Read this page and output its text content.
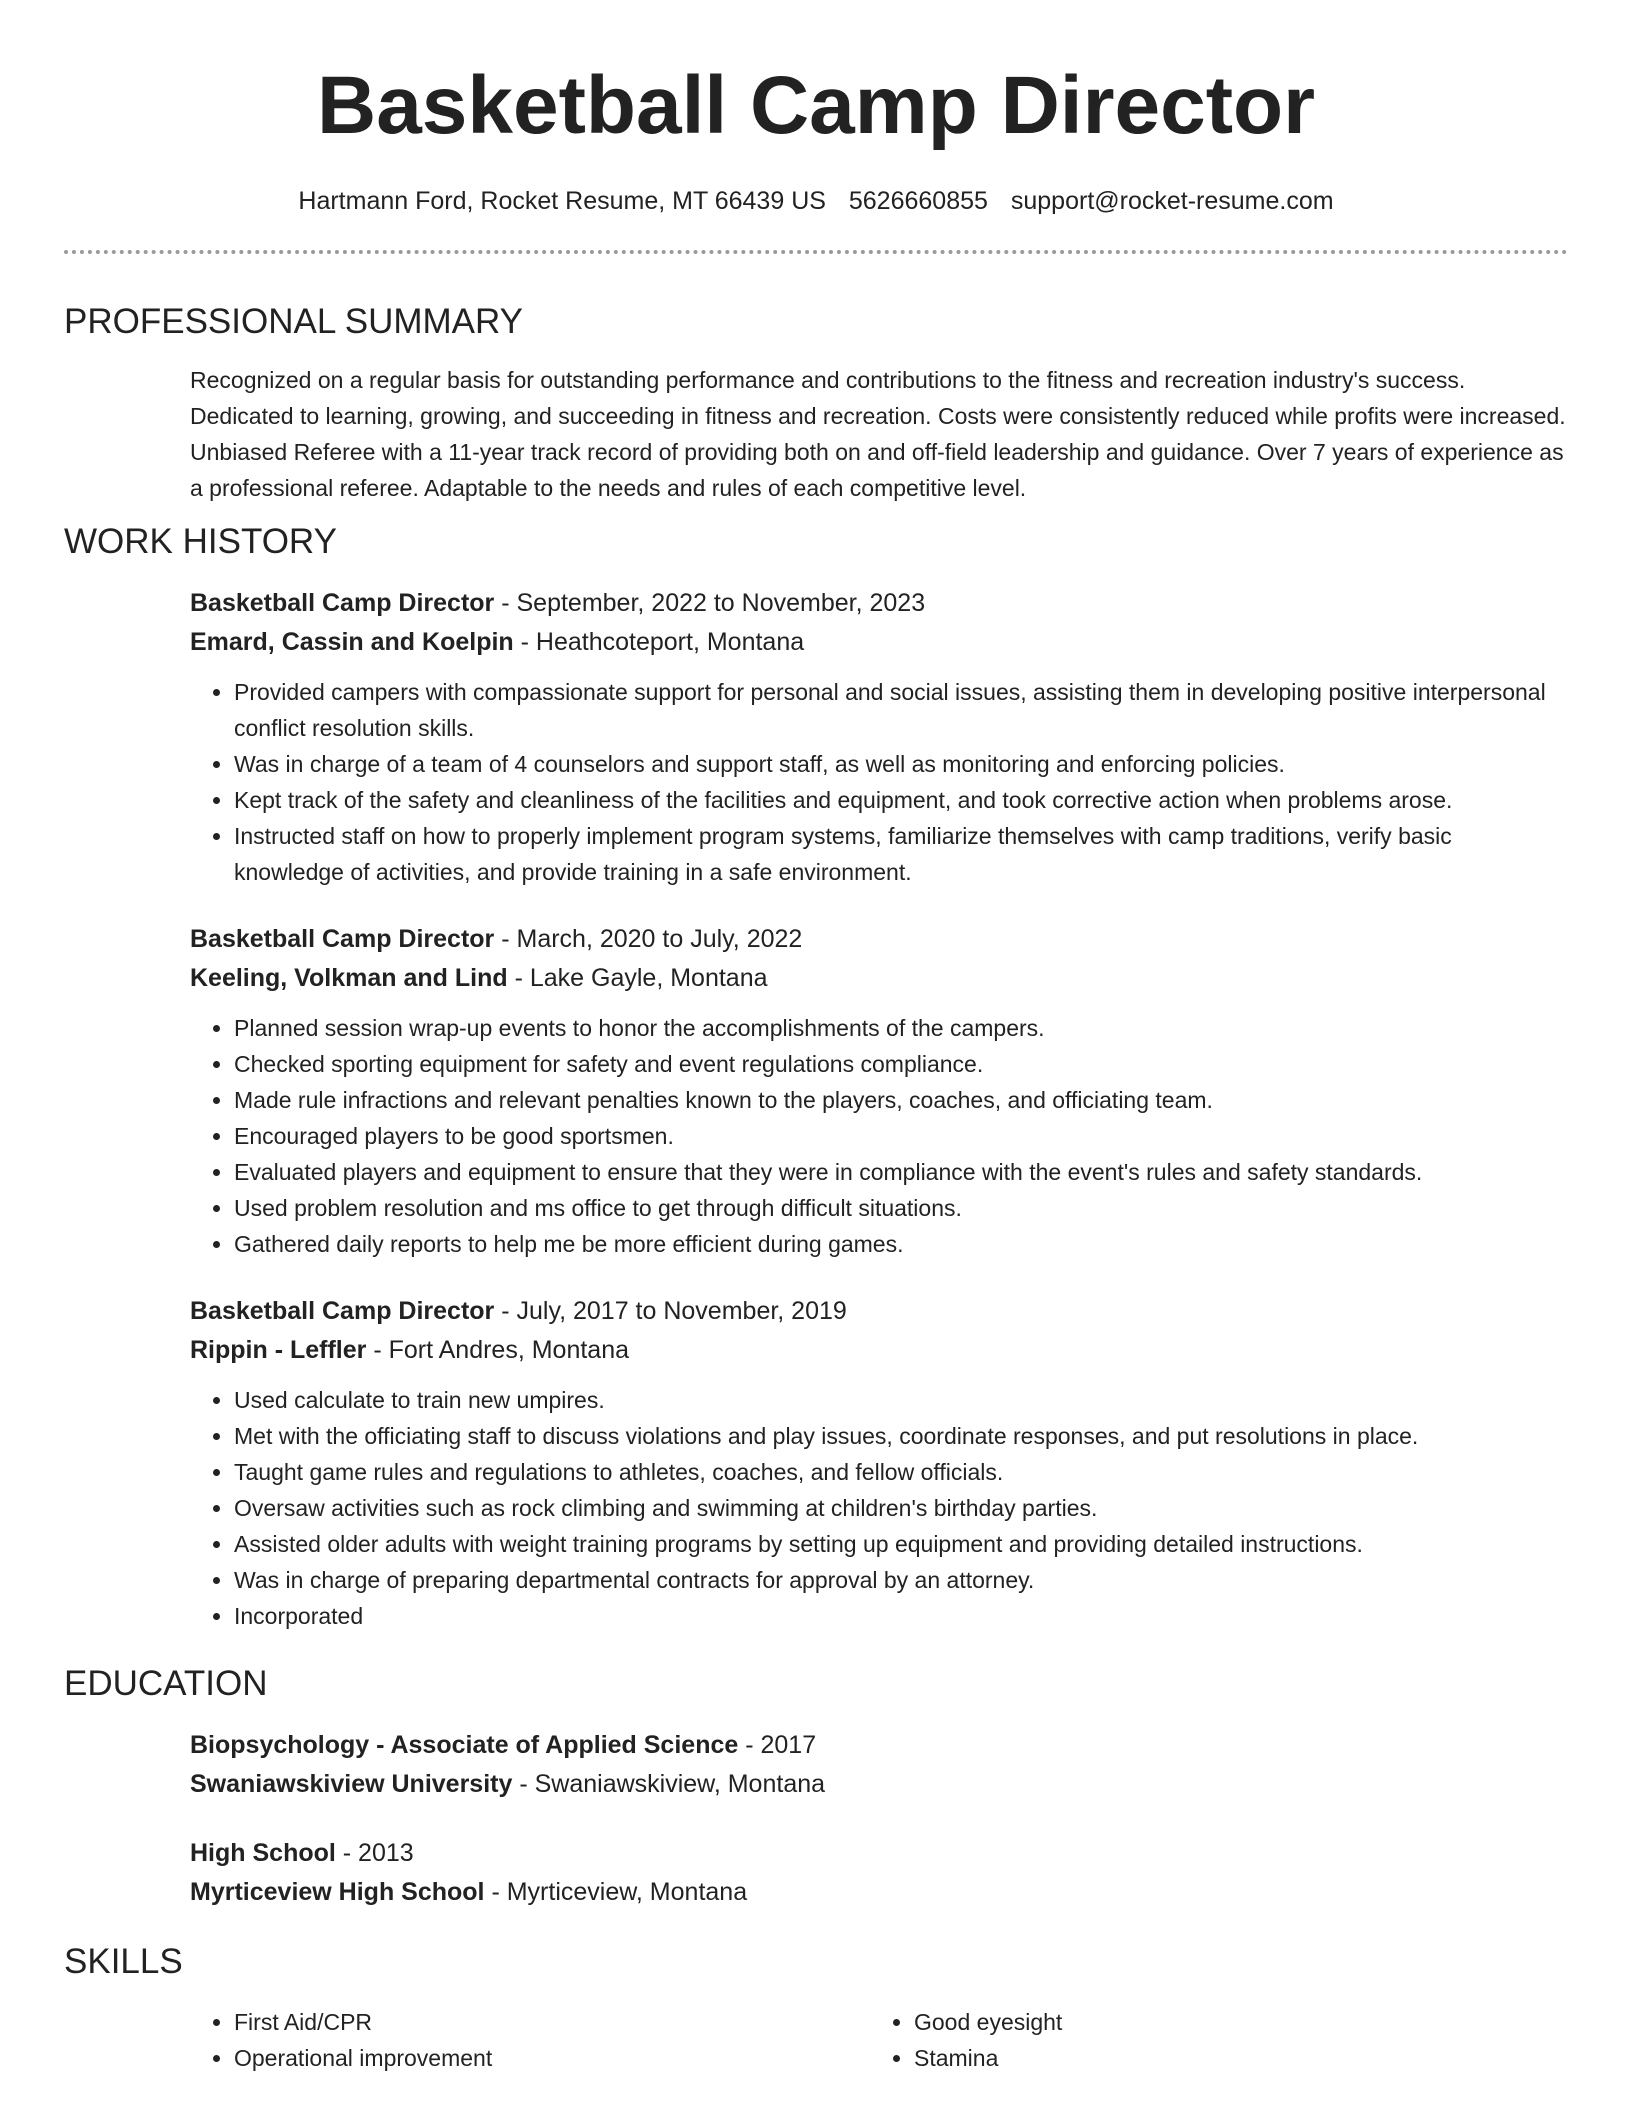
Basketball Camp Director
Hartmann Ford, Rocket Resume, MT 66439 US 5626660855 support@rocket-resume.com
PROFESSIONAL SUMMARY

Recognized on a regular basis for outstanding performance and contributions to the fitness and recreation industry's success. Dedicated to learning, growing, and succeeding in fitness and recreation. Costs were consistently reduced while profits were increased. Unbiased Referee with a 11-year track record of providing both on and off-field leadership and guidance. Over 7 years of experience as a professional referee. Adaptable to the needs and rules of each competitive level.

WORK HISTORY
Basketball Camp Director - September, 2022 to November, 2023
Emard, Cassin and Koelpin - Heathcoteport, Montana
• Provided campers with compassionate support for personal and social issues, assisting them in developing positive interpersonal conflict resolution skills.
• Was in charge of a team of 4 counselors and support staff, as well as monitoring and enforcing policies.
• Kept track of the safety and cleanliness of the facilities and equipment, and took corrective action when problems arose.
• Instructed staff on how to properly implement program systems, familiarize themselves with camp traditions, verify basic knowledge of activities, and provide training in a safe environment.
Basketball Camp Director - March, 2020 to July, 2022
Keeling, Volkman and Lind - Lake Gayle, Montana
• Planned session wrap-up events to honor the accomplishments of the campers.
• Checked sporting equipment for safety and event regulations compliance.
• Made rule infractions and relevant penalties known to the players, coaches, and officiating team.
• Encouraged players to be good sportsmen.
• Evaluated players and equipment to ensure that they were in compliance with the event's rules and safety standards.
• Used problem resolution and ms office to get through difficult situations.
• Gathered daily reports to help me be more efficient during games.
Basketball Camp Director - July, 2017 to November, 2019
Rippin - Leffler - Fort Andres, Montana
• Used calculate to train new umpires.
• Met with the officiating staff to discuss violations and play issues, coordinate responses, and put resolutions in place.
• Taught game rules and regulations to athletes, coaches, and fellow officials.
• Oversaw activities such as rock climbing and swimming at children's birthday parties.
• Assisted older adults with weight training programs by setting up equipment and providing detailed instructions.
• Was in charge of preparing departmental contracts for approval by an attorney.
• Incorporated
EDUCATION
Biopsychology - Associate of Applied Science - 2017
Swaniawskiview University - Swaniawskiview, Montana
High School - 2013
Myrticeview High School - Myrticeview, Montana
SKILLS
• First Aid/CPR
• Operational improvement
• Good eyesight
• Stamina
